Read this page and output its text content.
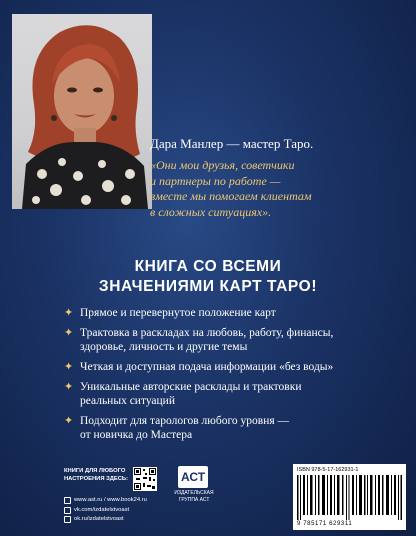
Дара Манлер — мастер Таро.
«Они мои друзья, советчики
и партнеры по работе —
вместе мы помогаем клиентам
в сложных ситуациях».
КНИГА СО ВСЕМИ
ЗНАЧЕНИЯМИ КАРТ ТАРО!
✦ Прямое и перевернутое положение карт
✦ Трактовка в раскладах на любовь, работу, финансы,
здоровье, личность и другие темы
✦ Четкая и доступная подача информации «без воды»
✦ Уникальные авторские расклады и трактовки
реальных ситуаций
✦ Подходит для тарологов любого уровня —
от новичка до Мастера
КНИГИ ДЛЯ ЛЮБОГО
НАСТРОЕНИЯ ЗДЕСЬ:
www.ast.ru / www.book24.ru
vk.com/izdatelstvoast
ok.ru/izdatelstvoast
АСТ
ИЗДАТЕЛЬСКАЯ
ГРУППА АСТ
ISBN 978-5-17-162931-1
9 785171 629311
